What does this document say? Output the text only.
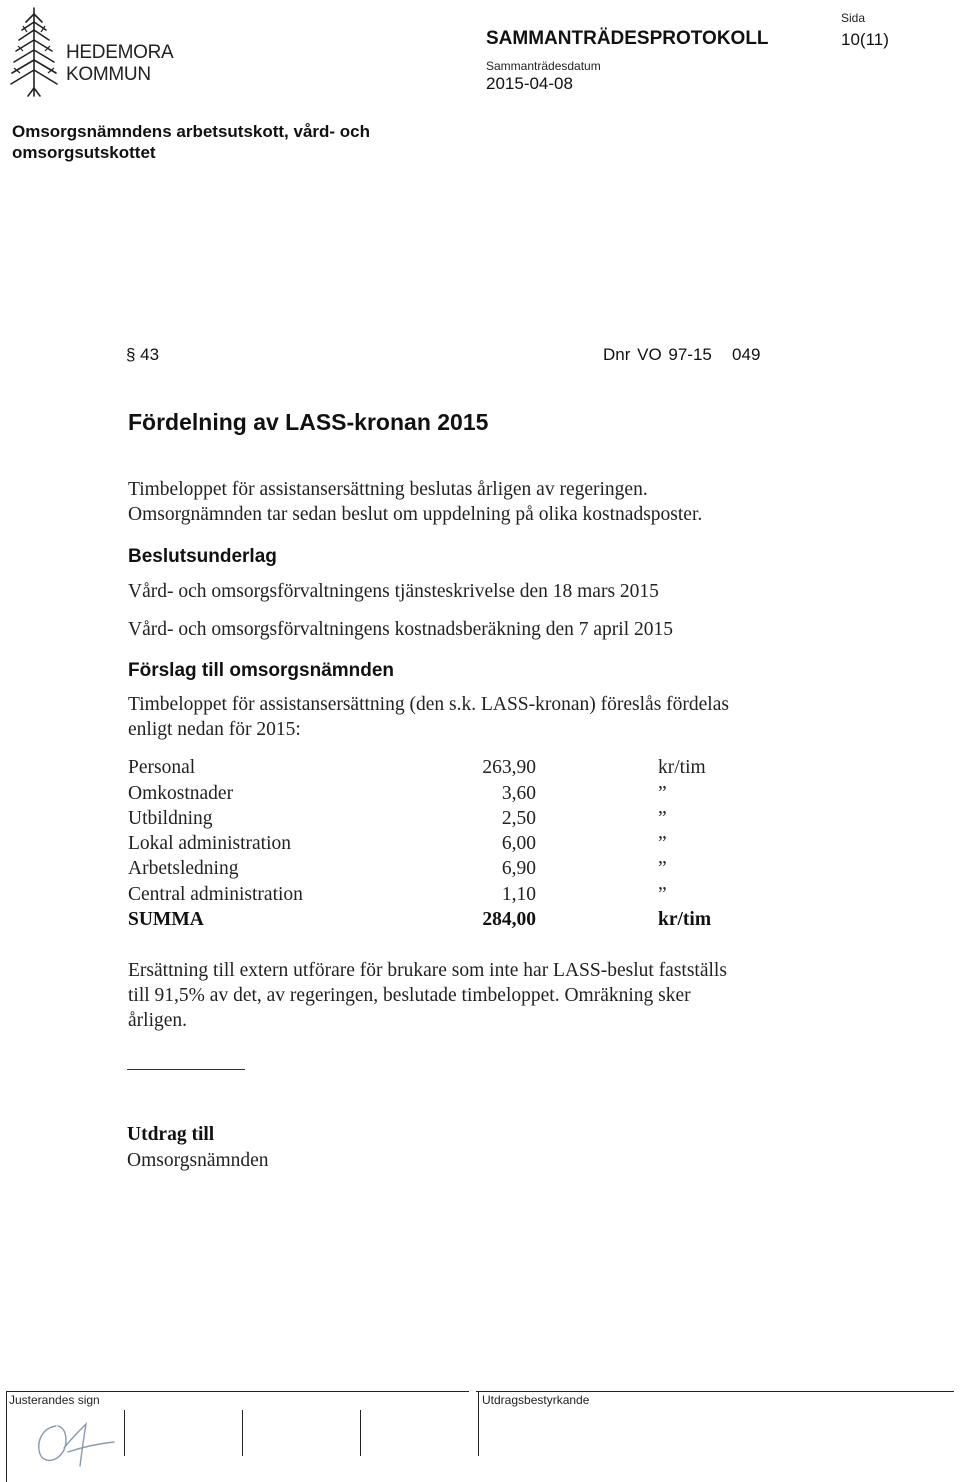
HEDEMORA
KOMMUN
SAMMANTRÄDESPROTOKOLL
Sammanträdesdatum
2015-04-08
Sida
10(11)
Omsorgsnämndens arbetsutskott, vård- och
omsorgsutskottet
§ 43	Dnr VO 97-15   049
Fördelning av LASS-kronan 2015
Timbeloppet för assistansersättning beslutas årligen av regeringen.
Omsorgnämnden tar sedan beslut om uppdelning på olika kostnadsposter.
Beslutsunderlag
Vård- och omsorgsförvaltningens tjänsteskrivelse den 18 mars 2015
Vård- och omsorgsförvaltningens kostnadsberäkning den 7 april 2015
Förslag till omsorgsnämnden
Timbeloppet för assistansersättning (den s.k. LASS-kronan) föreslås fördelas
enligt nedan för 2015:
Personal	263,90	kr/tim
Omkostnader	3,60	”
Utbildning	2,50	”
Lokal administration	6,00	”
Arbetsledning	6,90	”
Central administration	1,10	”
SUMMA	284,00	kr/tim
Ersättning till extern utförare för brukare som inte har LASS-beslut fastställs
till 91,5% av det, av regeringen, beslutade timbeloppet. Omräkning sker
årligen.
Utdrag till
Omsorgsnämnden
Justerandes sign	Utdragsbestyrkande
